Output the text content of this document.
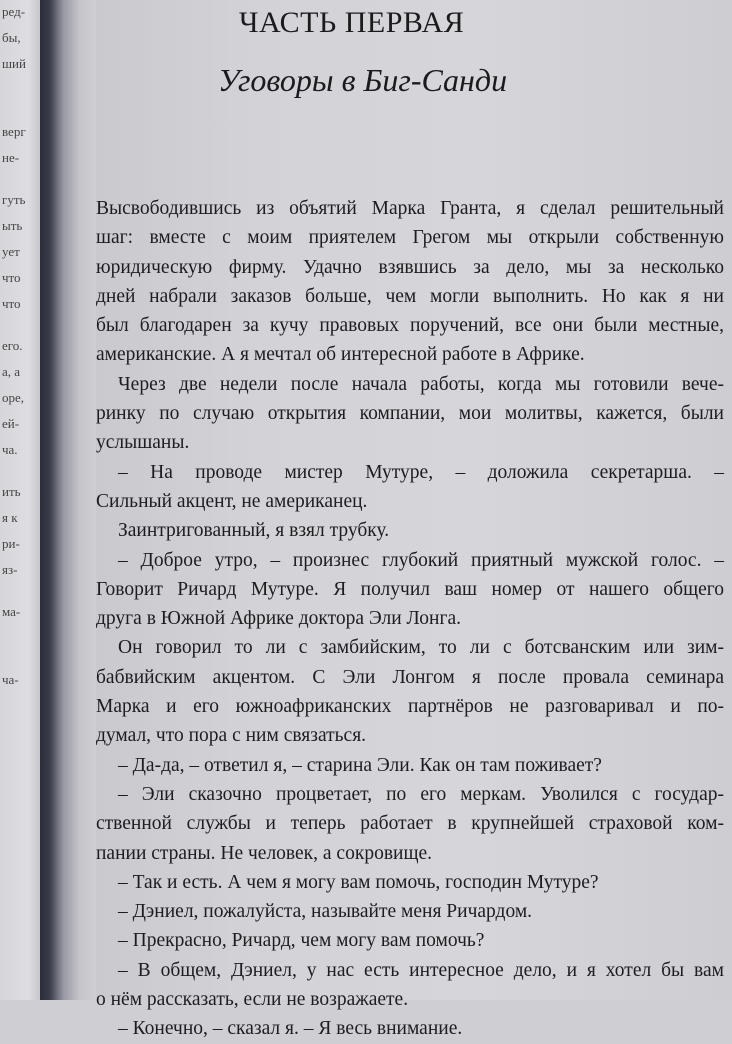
ред-
бы,
ший
верг
не-
гуть
ыть
ует
что
что
его.
а, а
оре,
ей-
ча.
ить
я к
ри-
яз-
ма-
ча-
ЧАСТЬ ПЕРВАЯ
Уговоры в Биг-Санди
Высвободившись из объятий Марка Гранта, я сделал решительный
шаг: вместе с моим приятелем Грегом мы открыли собственную
юридическую фирму. Удачно взявшись за дело, мы за несколько
дней набрали заказов больше, чем могли выполнить. Но как я ни
был благодарен за кучу правовых поручений, все они были местные,
американские. А я мечтал об интересной работе в Африке.
Через две недели после начала работы, когда мы готовили вече-
ринку по случаю открытия компании, мои молитвы, кажется, были
услышаны.
– На проводе мистер Мутуре, – доложила секретарша. –
Сильный акцент, не американец.
Заинтригованный, я взял трубку.
– Доброе утро, – произнес глубокий приятный мужской голос. –
Говорит Ричард Мутуре. Я получил ваш номер от нашего общего
друга в Южной Африке доктора Эли Лонга.
Он говорил то ли с замбийским, то ли с ботсванским или зим-
бабвийским акцентом. С Эли Лонгом я после провала семинара
Марка и его южноафриканских партнёров не разговаривал и по-
думал, что пора с ним связаться.
– Да-да, – ответил я, – старина Эли. Как он там поживает?
– Эли сказочно процветает, по его меркам. Уволился с государ-
ственной службы и теперь работает в крупнейшей страховой ком-
пании страны. Не человек, а сокровище.
– Так и есть. А чем я могу вам помочь, господин Мутуре?
– Дэниел, пожалуйста, называйте меня Ричардом.
– Прекрасно, Ричард, чем могу вам помочь?
– В общем, Дэниел, у нас есть интересное дело, и я хотел бы вам
о нём рассказать, если не возражаете.
– Конечно, – сказал я. – Я весь внимание.
